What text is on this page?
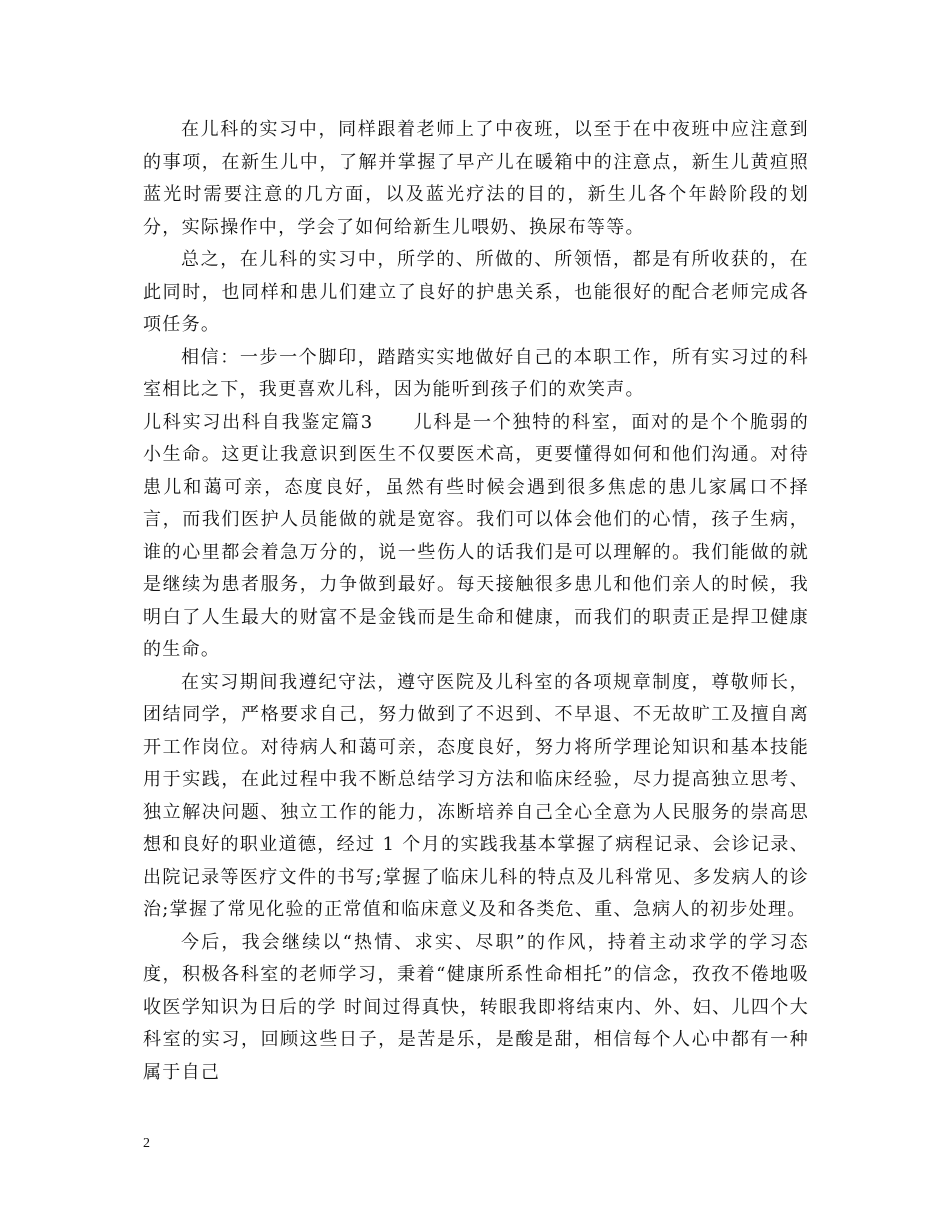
在儿科的实习中，同样跟着老师上了中夜班，以至于在中夜班中应注意到的事项，在新生儿中，了解并掌握了早产儿在暖箱中的注意点，新生儿黄疸照蓝光时需要注意的几方面，以及蓝光疗法的目的，新生儿各个年龄阶段的划分，实际操作中，学会了如何给新生儿喂奶、换尿布等等。

总之，在儿科的实习中，所学的、所做的、所领悟，都是有所收获的，在此同时，也同样和患儿们建立了良好的护患关系，也能很好的配合老师完成各项任务。

相信：一步一个脚印，踏踏实实地做好自己的本职工作，所有实习过的科室相比之下，我更喜欢儿科，因为能听到孩子们的欢笑声。

儿科实习出科自我鉴定篇3　　儿科是一个独特的科室，面对的是个个脆弱的小生命。这更让我意识到医生不仅要医术高，更要懂得如何和他们沟通。对待患儿和蔼可亲，态度良好，虽然有些时候会遇到很多焦虑的患儿家属口不择言，而我们医护人员能做的就是宽容。我们可以体会他们的心情，孩子生病，谁的心里都会着急万分的，说一些伤人的话我们是可以理解的。我们能做的就是继续为患者服务，力争做到最好。每天接触很多患儿和他们亲人的时候，我明白了人生最大的财富不是金钱而是生命和健康，而我们的职责正是捍卫健康的生命。

在实习期间我遵纪守法，遵守医院及儿科室的各项规章制度，尊敬师长，团结同学，严格要求自己，努力做到了不迟到、不早退、不无故旷工及擅自离开工作岗位。对待病人和蔼可亲，态度良好，努力将所学理论知识和基本技能用于实践，在此过程中我不断总结学习方法和临床经验，尽力提高独立思考、独立解决问题、独立工作的能力，冻断培养自己全心全意为人民服务的崇高思想和良好的职业道德，经过 1 个月的实践我基本掌握了病程记录、会诊记录、出院记录等医疗文件的书写;掌握了临床儿科的特点及儿科常见、多发病人的诊治;掌握了常见化验的正常值和临床意义及和各类危、重、急病人的初步处理。

今后，我会继续以“热情、求实、尽职”的作风，持着主动求学的学习态度，积极各科室的老师学习，秉着“健康所系性命相托”的信念，孜孜不倦地吸收医学知识为日后的学 时间过得真快，转眼我即将结束内、外、妇、儿四个大科室的实习，回顾这些日子，是苦是乐，是酸是甜，相信每个人心中都有一种属于自己

2
